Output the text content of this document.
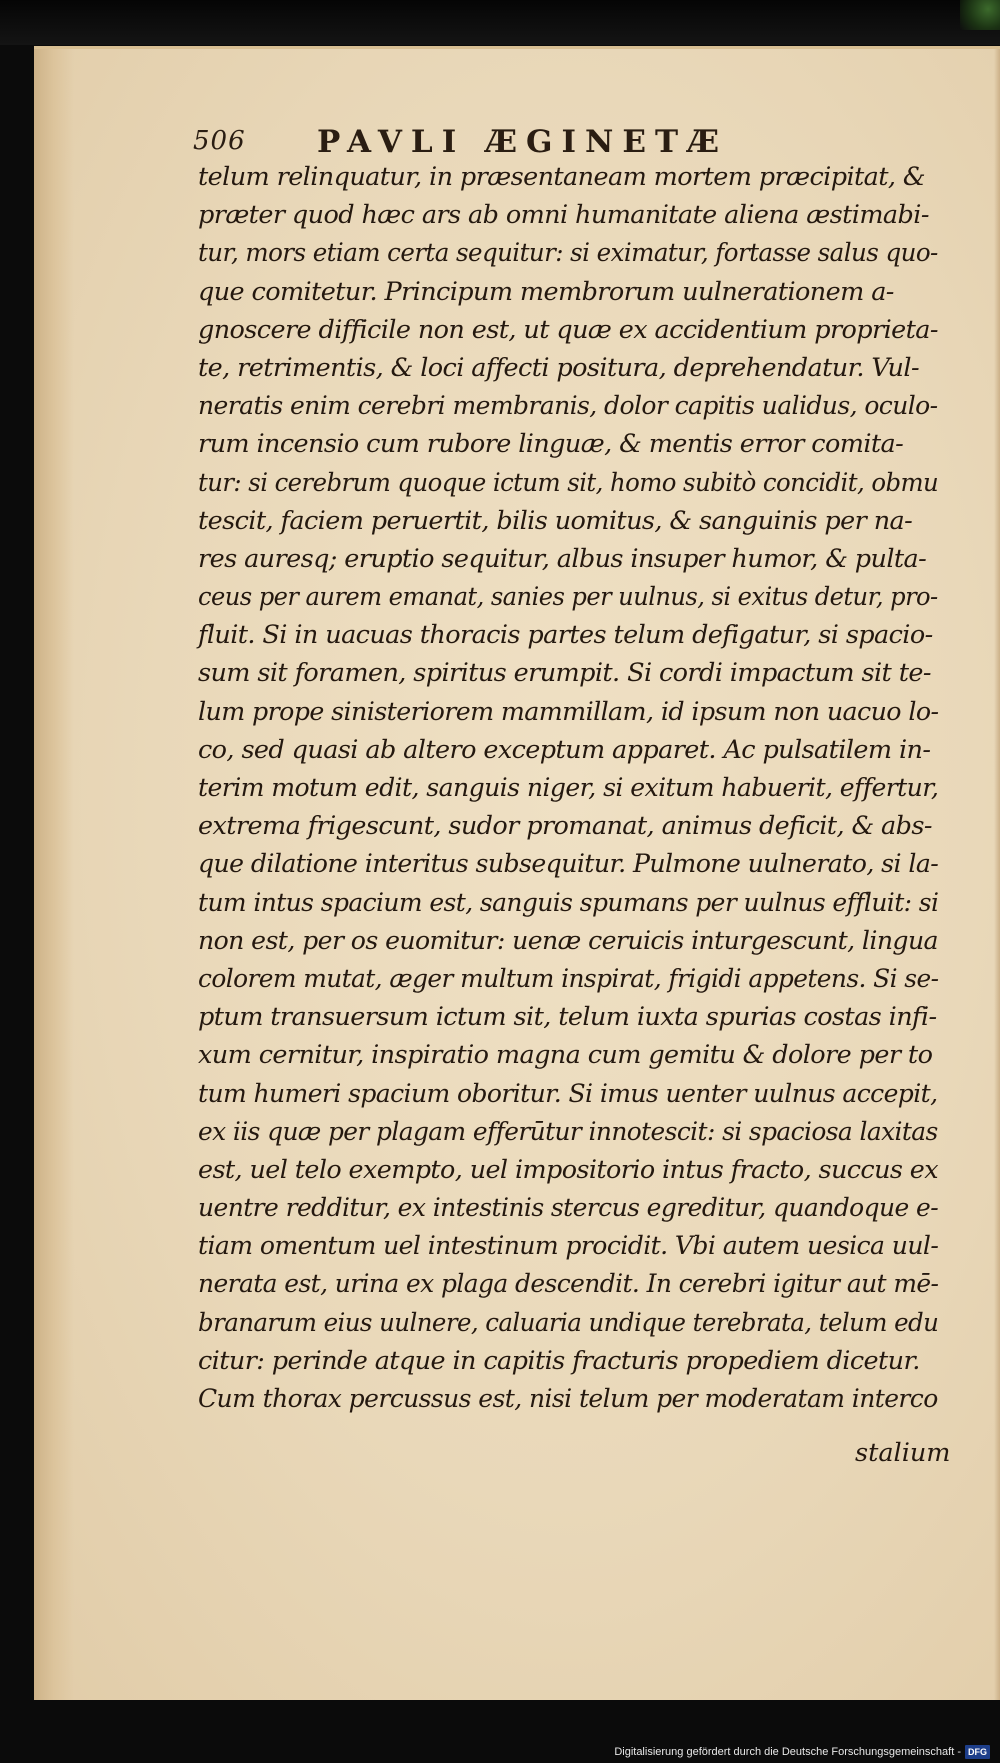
506 PAVLI ÆGINETÆ
telum relinquatur, in præsentaneam mortem præcipitat, &
præter quod hæc ars ab omni humanitate aliena æstimabi-
tur, mors etiam certa sequitur: si eximatur, fortasse salus quo-
que comitetur. Principum membrorum uulnerationem a-
gnoscere difficile non est, ut quæ ex accidentium proprieta-
te, retrimentis, & loci affecti positura, deprehendatur. Vul-
neratis enim cerebri membranis, dolor capitis ualidus, oculo-
rum incensio cum rubore linguæ, & mentis error comita-
tur: si cerebrum quoque ictum sit, homo subitò concidit, obmu
tescit, faciem peruertit, bilis uomitus, & sanguinis per na-
res auresq; eruptio sequitur, albus insuper humor, & pulta-
ceus per aurem emanat, sanies per uulnus, si exitus detur, pro-
fluit. Si in uacuas thoracis partes telum defigatur, si spacio-
sum sit foramen, spiritus erumpit. Si cordi impactum sit te-
lum prope sinisteriorem mammillam, id ipsum non uacuo lo-
co, sed quasi ab altero exceptum apparet. Ac pulsatilem in-
terim motum edit, sanguis niger, si exitum habuerit, effertur,
extrema frigescunt, sudor promanat, animus deficit, & abs-
que dilatione interitus subsequitur. Pulmone uulnerato, si la-
tum intus spacium est, sanguis spumans per uulnus effluit: si
non est, per os euomitur: uenæ ceruicis inturgescunt, lingua
colorem mutat, æger multum inspirat, frigidi appetens. Si se-
ptum transuersum ictum sit, telum iuxta spurias costas infi-
xum cernitur, inspiratio magna cum gemitu & dolore per to
tum humeri spacium oboritur. Si imus uenter uulnus accepit,
ex iis quæ per plagam efferūtur innotescit: si spaciosa laxitas
est, uel telo exempto, uel impositorio intus fracto, succus ex
uentre redditur, ex intestinis stercus egreditur, quandoque e-
tiam omentum uel intestinum procidit. Vbi autem uesica uul-
nerata est, urina ex plaga descendit. In cerebri igitur aut mē-
branarum eius uulnere, caluaria undique terebrata, telum edu
citur: perinde atque in capitis fracturis propediem dicetur.
Cum thorax percussus est, nisi telum per moderatam interco
stalium
Digitalisierung gefördert durch die Deutsche Forschungsgemeinschaft - DFG
